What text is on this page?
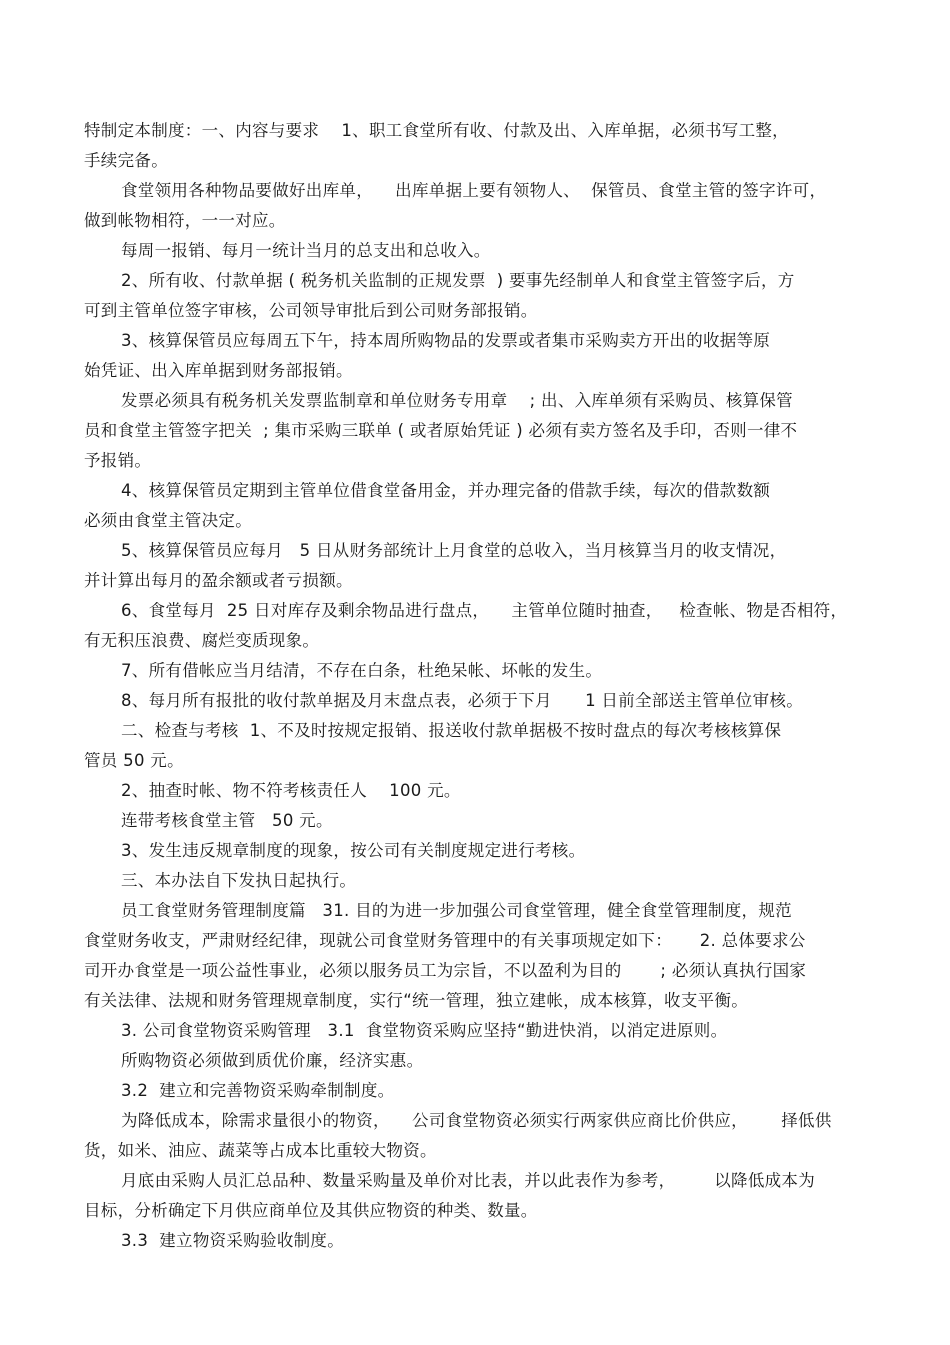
特制定本制度：一、内容与要求    1、职工食堂所有收、付款及出、入库单据，必须书写工整，
手续完备。

食堂领用各种物品要做好出库单，    出库单据上要有领物人、  保管员、食堂主管的签字许可，
做到帐物相符，一一对应。

每周一报销、每月一统计当月的总支出和总收入。

2、所有收、付款单据 ( 税务机关监制的正规发票  ) 要事先经制单人和食堂主管签字后，方
可到主管单位签字审核，公司领导审批后到公司财务部报销。

3、核算保管员应每周五下午，持本周所购物品的发票或者集市采购卖方开出的收据等原
始凭证、出入库单据到财务部报销。

发票必须具有税务机关发票监制章和单位财务专用章    ; 出、入库单须有采购员、核算保管
员和食堂主管签字把关  ; 集市采购三联单 ( 或者原始凭证 ) 必须有卖方签名及手印，否则一律不
予报销。

4、核算保管员定期到主管单位借食堂备用金，并办理完备的借款手续，每次的借款数额
必须由食堂主管决定。

5、核算保管员应每月   5 日从财务部统计上月食堂的总收入，当月核算当月的收支情况，
并计算出每月的盈余额或者亏损额。

6、食堂每月  25 日对库存及剩余物品进行盘点，    主管单位随时抽查，   检查帐、物是否相符，
有无积压浪费、腐烂变质现象。

7、所有借帐应当月结清，不存在白条，杜绝呆帐、坏帐的发生。

8、每月所有报批的收付款单据及月末盘点表，必须于下月      1 日前全部送主管单位审核。

二、检查与考核  1、不及时按规定报销、报送收付款单据极不按时盘点的每次考核核算保
管员 50 元。

2、抽查时帐、物不符考核责任人    100 元。

连带考核食堂主管   50 元。

3、发生违反规章制度的现象，按公司有关制度规定进行考核。

三、本办法自下发执日起执行。

员工食堂财务管理制度篇   31. 目的为进一步加强公司食堂管理，健全食堂管理制度，规范
食堂财务收支，严肃财经纪律，现就公司食堂财务管理中的有关事项规定如下：     2. 总体要求公
司开办食堂是一项公益性事业，必须以服务员工为宗旨，不以盈利为目的       ; 必须认真执行国家
有关法律、法规和财务管理规章制度，实行“统一管理，独立建帐，成本核算，收支平衡。

3. 公司食堂物资采购管理   3.1  食堂物资采购应坚持“勤进快消，以消定进原则。

所购物资必须做到质优价廉，经济实惠。

3.2  建立和完善物资采购牵制制度。

为降低成本，除需求量很小的物资，    公司食堂物资必须实行两家供应商比价供应，      择低供
货，如米、油应、蔬菜等占成本比重较大物资。

月底由采购人员汇总品种、数量采购量及单价对比表，并以此表作为参考，       以降低成本为
目标，分析确定下月供应商单位及其供应物资的种类、数量。

3.3  建立物资采购验收制度。
